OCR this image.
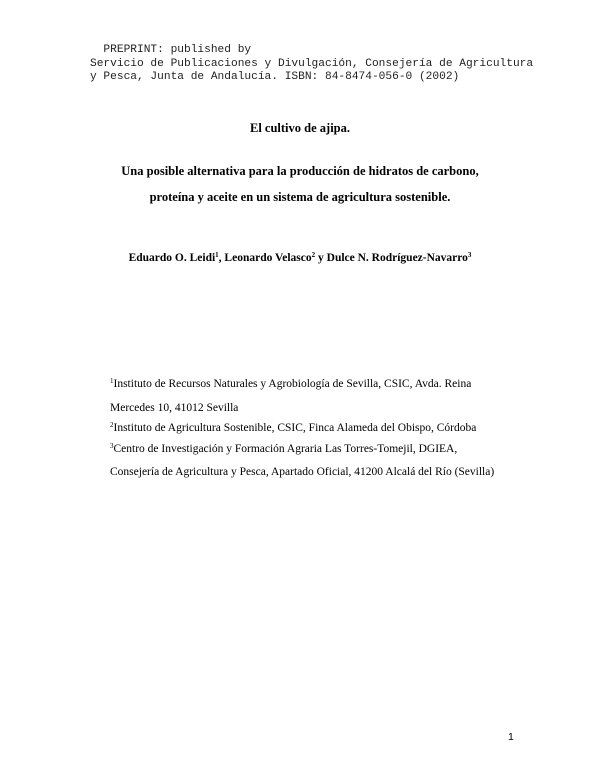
PREPRINT: published by
Servicio de Publicaciones y Divulgación, Consejería de Agricultura
y Pesca, Junta de Andalucía. ISBN: 84-8474-056-0 (2002)
El cultivo de ajipa.
Una posible alternativa para la producción de hidratos de carbono,
proteína y aceite en un sistema de agricultura sostenible.
Eduardo O. Leidi$^1$, Leonardo Velasco$^2$ y Dulce N. Rodríguez-Navarro$^3$
$^1$Instituto de Recursos Naturales y Agrobiología de Sevilla, CSIC, Avda. Reina
Mercedes 10, 41012 Sevilla
$^2$Instituto de Agricultura Sostenible, CSIC, Finca Alameda del Obispo, Córdoba
$^3$Centro de Investigación y Formación Agraria Las Torres-Tomejil, DGIEA,
Consejería de Agricultura y Pesca, Apartado Oficial, 41200 Alcalá del Río (Sevilla)
1
